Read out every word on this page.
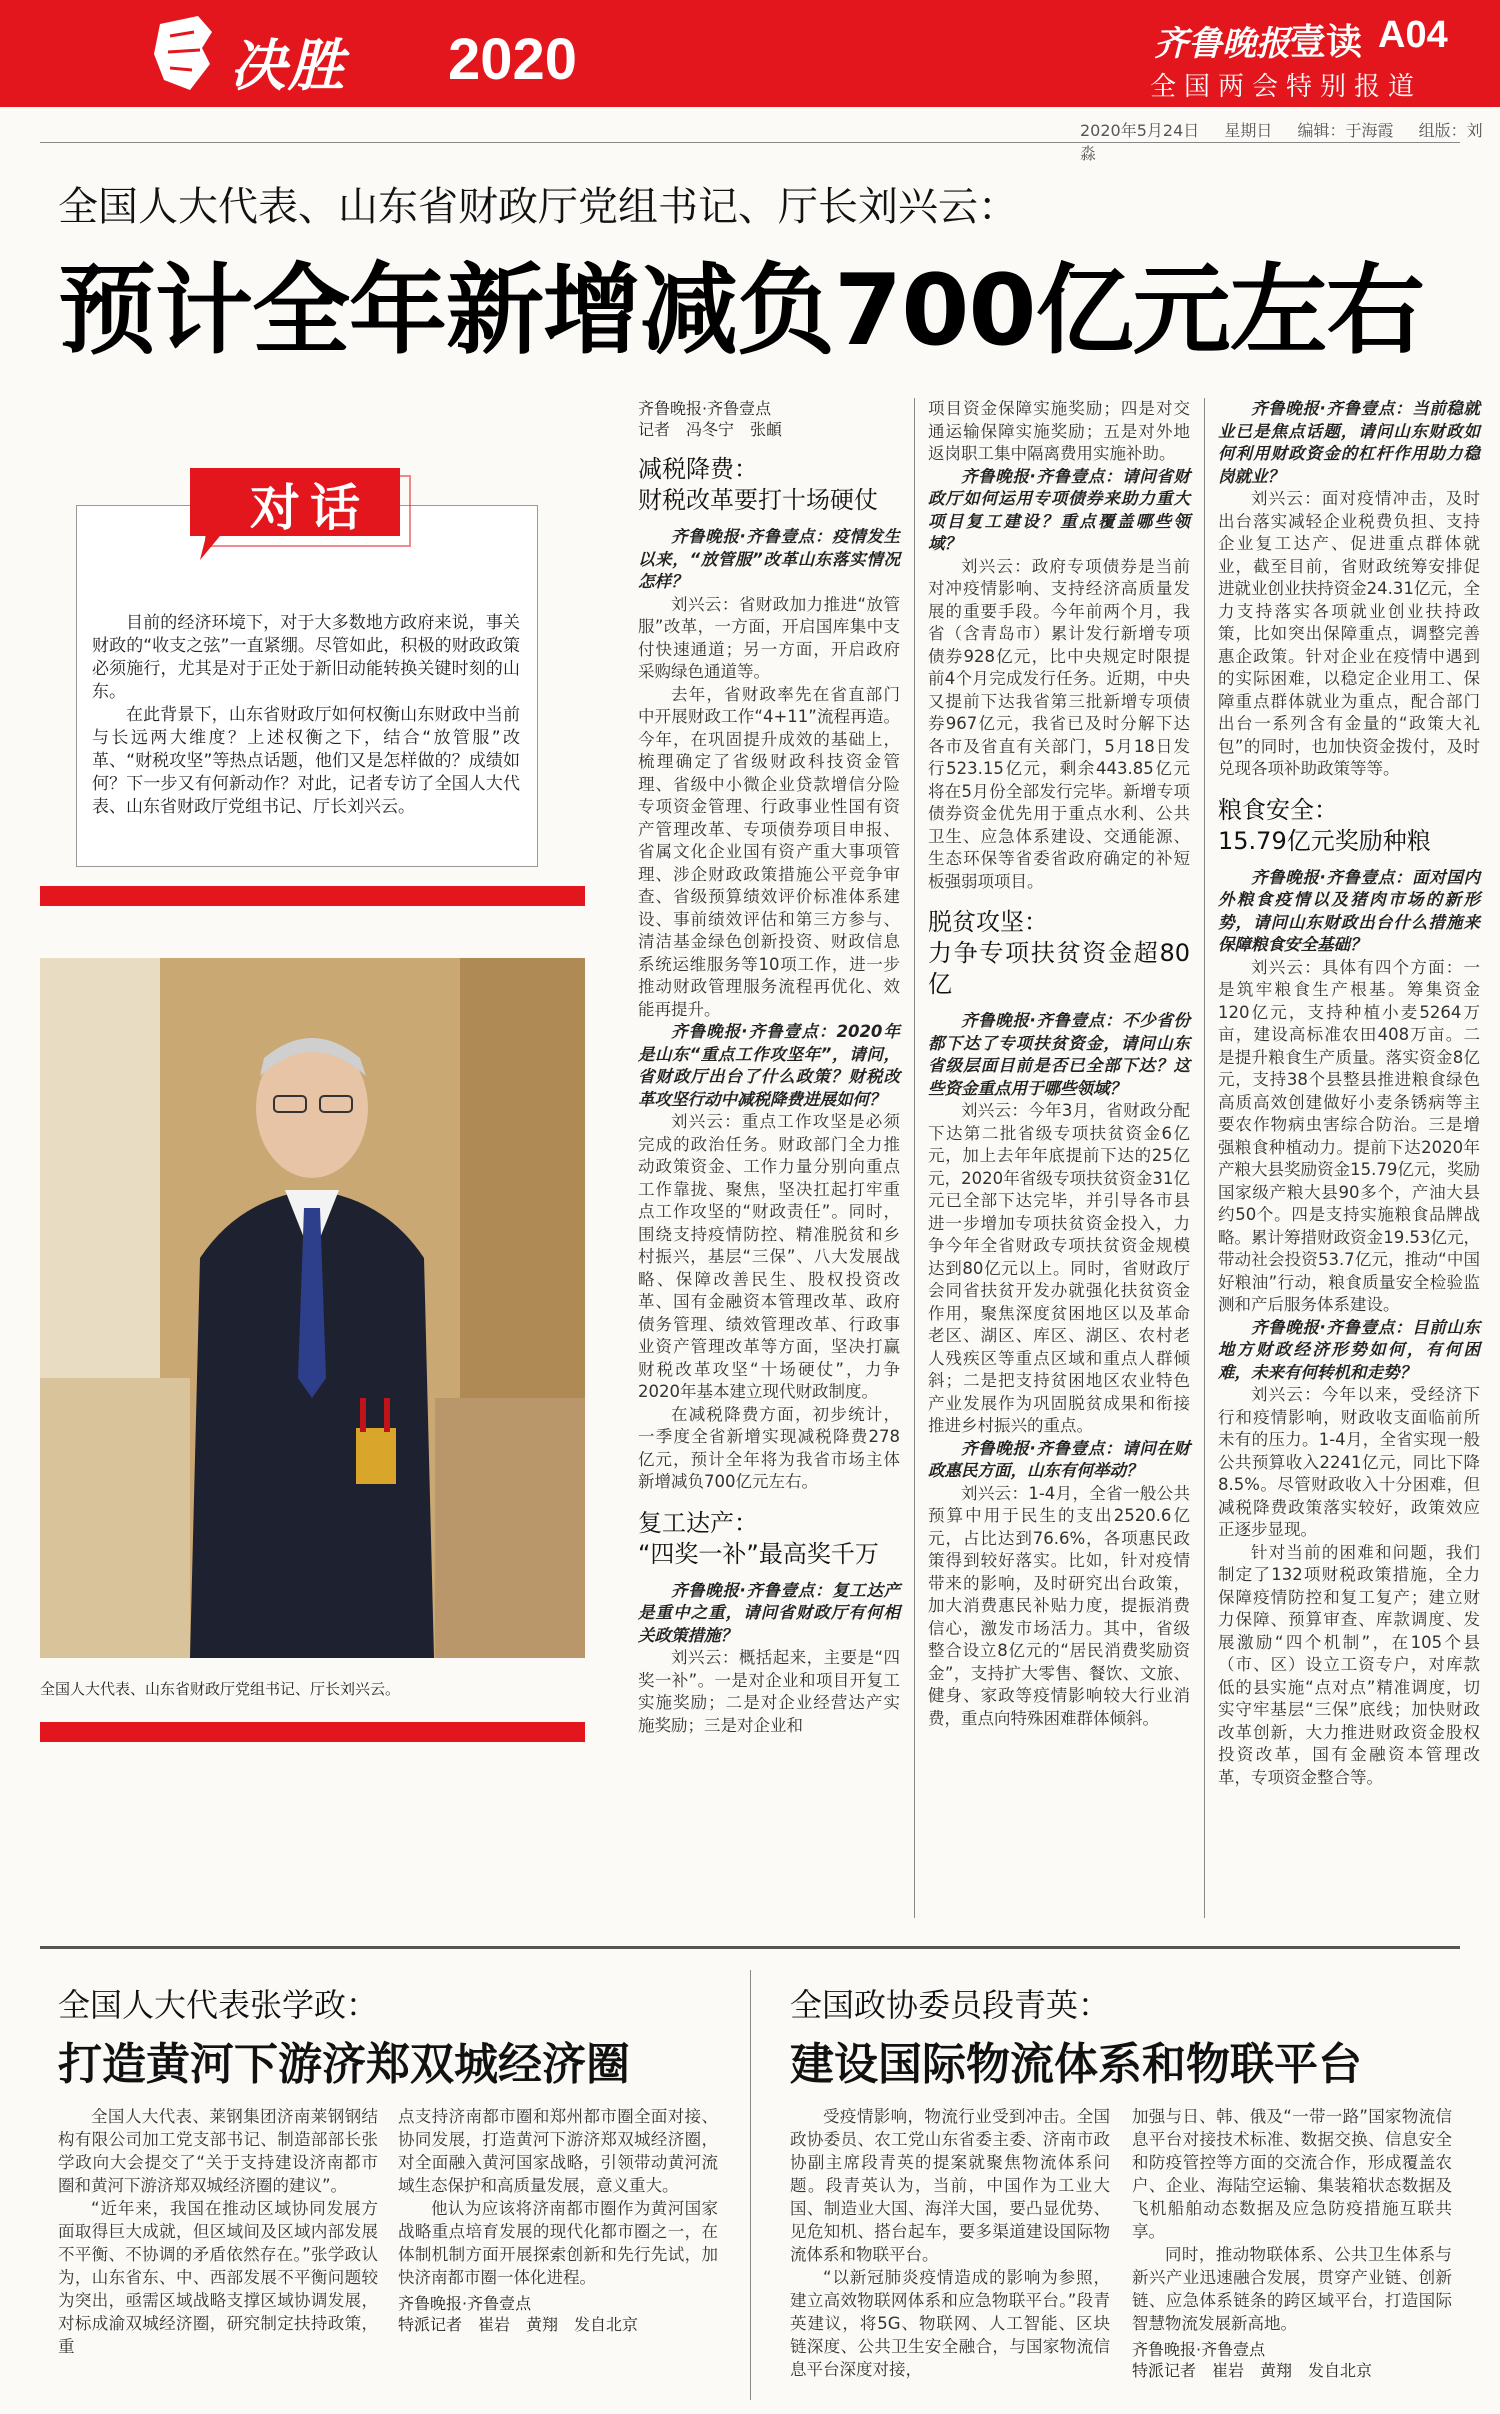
决胜 2020	齐鲁晚报 壹读 A04
全国两会特别报道
2020年5月24日 星期日 编辑：于海霞 组版：刘淼
全国人大代表、山东省财政厅党组书记、厅长刘兴云：
预计全年新增减负700亿元左右
对话

目前的经济环境下，对于大多数地方政府来说，事关财政的“收支之弦”一直紧绷。尽管如此，积极的财政政策必须施行，尤其是对于正处于新旧动能转换关键时刻的山东。

在此背景下，山东省财政厅如何权衡山东财政中当前与长远两大维度？上述权衡之下，结合“放管服”改革、“财税攻坚”等热点话题，他们又是怎样做的？成绩如何？下一步又有何新动作？对此，记者专访了全国人大代表、山东省财政厅党组书记、厅长刘兴云。

全国人大代表、山东省财政厅党组书记、厅长刘兴云。
齐鲁晚报·齐鲁壹点
记者　冯冬宁　张頔
减税降费：
财税改革要打十场硬仗

齐鲁晚报·齐鲁壹点：疫情发生以来，“放管服”改革山东落实情况怎样？

刘兴云：省财政加力推进“放管服”改革，一方面，开启国库集中支付快速通道；另一方面，开启政府采购绿色通道等。

去年，省财政率先在省直部门中开展财政工作“4+11”流程再造。今年，在巩固提升成效的基础上，梳理确定了省级财政科技资金管理、省级中小微企业贷款增信分险专项资金管理、行政事业性国有资产管理改革、专项债券项目申报、省属文化企业国有资产重大事项管理、涉企财政政策措施公平竞争审查、省级预算绩效评价标准体系建设、事前绩效评估和第三方参与、清洁基金绿色创新投资、财政信息系统运维服务等10项工作，进一步推动财政管理服务流程再优化、效能再提升。

齐鲁晚报·齐鲁壹点：2020年是山东“重点工作攻坚年”，请问，省财政厅出台了什么政策？财税改革攻坚行动中减税降费进展如何？

刘兴云：重点工作攻坚是必须完成的政治任务。财政部门全力推动政策资金、工作力量分别向重点工作靠拢、聚焦，坚决扛起打牢重点工作攻坚的“财政责任”。同时，围绕支持疫情防控、精准脱贫和乡村振兴，基层“三保”、八大发展战略、保障改善民生、股权投资改革、国有金融资本管理改革、政府债务管理、绩效管理改革、行政事业资产管理改革等方面，坚决打赢财税改革攻坚“十场硬仗”，力争2020年基本建立现代财政制度。

在减税降费方面，初步统计，一季度全省新增实现减税降费278亿元，预计全年将为我省市场主体新增减负700亿元左右。

复工达产：
“四奖一补”最高奖千万

齐鲁晚报·齐鲁壹点：复工达产是重中之重，请问省财政厅有何相关政策措施？

刘兴云：概括起来，主要是“四奖一补”。一是对企业和项目开复工实施奖励；二是对企业经营达产实施奖励；三是对企业和

项目资金保障实施奖励；四是对交通运输保障实施奖励；五是对外地返岗职工集中隔离费用实施补助。

齐鲁晚报·齐鲁壹点：请问省财政厅如何运用专项债券来助力重大项目复工建设？重点覆盖哪些领域？

刘兴云：政府专项债券是当前对冲疫情影响、支持经济高质量发展的重要手段。今年前两个月，我省（含青岛市）累计发行新增专项债券928亿元，比中央规定时限提前4个月完成发行任务。近期，中央又提前下达我省第三批新增专项债券967亿元，我省已及时分解下达各市及省直有关部门，5月18日发行523.15亿元，剩余443.85亿元将在5月份全部发行完毕。新增专项债券资金优先用于重点水利、公共卫生、应急体系建设、交通能源、生态环保等省委省政府确定的补短板强弱项项目。

脱贫攻坚：
力争专项扶贫资金超80亿

齐鲁晚报·齐鲁壹点：不少省份都下达了专项扶贫资金，请问山东省级层面目前是否已全部下达？这些资金重点用于哪些领域？

刘兴云：今年3月，省财政分配下达第二批省级专项扶贫资金6亿元，加上去年年底提前下达的25亿元，2020年省级专项扶贫资金31亿元已全部下达完毕，并引导各市县进一步增加专项扶贫资金投入，力争今年全省财政专项扶贫资金规模达到80亿元以上。同时，省财政厅会同省扶贫开发办就强化扶贫资金作用，聚焦深度贫困地区以及革命老区、湖区、库区、湖区、农村老人残疾区等重点区域和重点人群倾斜；二是把支持贫困地区农业特色产业发展作为巩固脱贫成果和衔接推进乡村振兴的重点。

齐鲁晚报·齐鲁壹点：请问在财政惠民方面，山东有何举动？

刘兴云：1-4月，全省一般公共预算中用于民生的支出2520.6亿元，占比达到76.6%，各项惠民政策得到较好落实。比如，针对疫情带来的影响，及时研究出台政策，加大消费惠民补贴力度，提振消费信心，激发市场活力。其中，省级整合设立8亿元的“居民消费奖励资金”，支持扩大零售、餐饮、文旅、健身、家政等疫情影响较大行业消费，重点向特殊困难群体倾斜。

齐鲁晚报·齐鲁壹点：当前稳就业已是焦点话题，请问山东财政如何利用财政资金的杠杆作用助力稳岗就业？

刘兴云：面对疫情冲击，及时出台落实减轻企业税费负担、支持企业复工达产、促进重点群体就业，截至目前，省财政统筹安排促进就业创业扶持资金24.31亿元，全力支持落实各项就业创业扶持政策，比如突出保障重点，调整完善惠企政策。针对企业在疫情中遇到的实际困难，以稳定企业用工、保障重点群体就业为重点，配合部门出台一系列含有金量的“政策大礼包”的同时，也加快资金拨付，及时兑现各项补助政策等等。

粮食安全：
15.79亿元奖励种粮

齐鲁晚报·齐鲁壹点：面对国内外粮食疫情以及猪肉市场的新形势，请问山东财政出台什么措施来保障粮食安全基础？

刘兴云：具体有四个方面：一是筑牢粮食生产根基。筹集资金120亿元，支持种植小麦5264万亩，建设高标准农田408万亩。二是提升粮食生产质量。落实资金8亿元，支持38个县整县推进粮食绿色高质高效创建做好小麦条锈病等主要农作物病虫害综合防治。三是增强粮食种植动力。提前下达2020年产粮大县奖励资金15.79亿元，奖励国家级产粮大县90多个，产油大县约50个。四是支持实施粮食品牌战略。累计筹措财政资金19.53亿元，带动社会投资53.7亿元，推动“中国好粮油”行动，粮食质量安全检验监测和产后服务体系建设。

齐鲁晚报·齐鲁壹点：目前山东地方财政经济形势如何，有何困难，未来有何转机和走势？

刘兴云：今年以来，受经济下行和疫情影响，财政收支面临前所未有的压力。1-4月，全省实现一般公共预算收入2241亿元，同比下降8.5%。尽管财政收入十分困难，但减税降费政策落实较好，政策效应正逐步显现。

针对当前的困难和问题，我们制定了132项财税政策措施，全力保障疫情防控和复工复产；建立财力保障、预算审查、库款调度、发展激励“四个机制”，在105个县（市、区）设立工资专户，对库款低的县实施“点对点”精准调度，切实守牢基层“三保”底线；加快财政改革创新，大力推进财政资金股权投资改革，国有金融资本管理改革，专项资金整合等。

全国人大代表张学政：
打造黄河下游济郑双城经济圈

全国人大代表、莱钢集团济南莱钢钢结构有限公司加工党支部书记、制造部部长张学政向大会提交了“关于支持建设济南都市圈和黄河下游济郑双城经济圈的建议”。

“近年来，我国在推动区域协同发展方面取得巨大成就，但区域间及区域内部发展不平衡、不协调的矛盾依然存在。”张学政认为，山东省东、中、西部发展不平衡问题较为突出，亟需区域战略支撑区域协调发展，对标成渝双城经济圈，研究制定扶持政策，重

点支持济南都市圈和郑州都市圈全面对接、协同发展，打造黄河下游济郑双城经济圈，对全面融入黄河国家战略，引领带动黄河流域生态保护和高质量发展，意义重大。

他认为应该将济南都市圈作为黄河国家战略重点培育发展的现代化都市圈之一，在体制机制方面开展探索创新和先行先试，加快济南都市圈一体化进程。

齐鲁晚报·齐鲁壹点
特派记者　崔岩　黄翔　发自北京
全国政协委员段青英：
建设国际物流体系和物联平台

受疫情影响，物流行业受到冲击。全国政协委员、农工党山东省委主委、济南市政协副主席段青英的提案就聚焦物流体系问题。段青英认为，当前，中国作为工业大国、制造业大国、海洋大国，要凸显优势、见危知机、搭台起车，要多渠道建设国际物流体系和物联平台。

“以新冠肺炎疫情造成的影响为参照，建立高效物联网体系和应急物联平台。”段青英建议，将5G、物联网、人工智能、区块链深度、公共卫生安全融合，与国家物流信息平台深度对接，

加强与日、韩、俄及“一带一路”国家物流信息平台对接技术标准、数据交换、信息安全和防疫管控等方面的交流合作，形成覆盖农户、企业、海陆空运输、集装箱状态数据及飞机船舶动态数据及应急防疫措施互联共享。

同时，推动物联体系、公共卫生体系与新兴产业迅速融合发展，贯穿产业链、创新链、应急体系链条的跨区域平台，打造国际智慧物流发展新高地。

齐鲁晚报·齐鲁壹点
特派记者　崔岩　黄翔　发自北京
